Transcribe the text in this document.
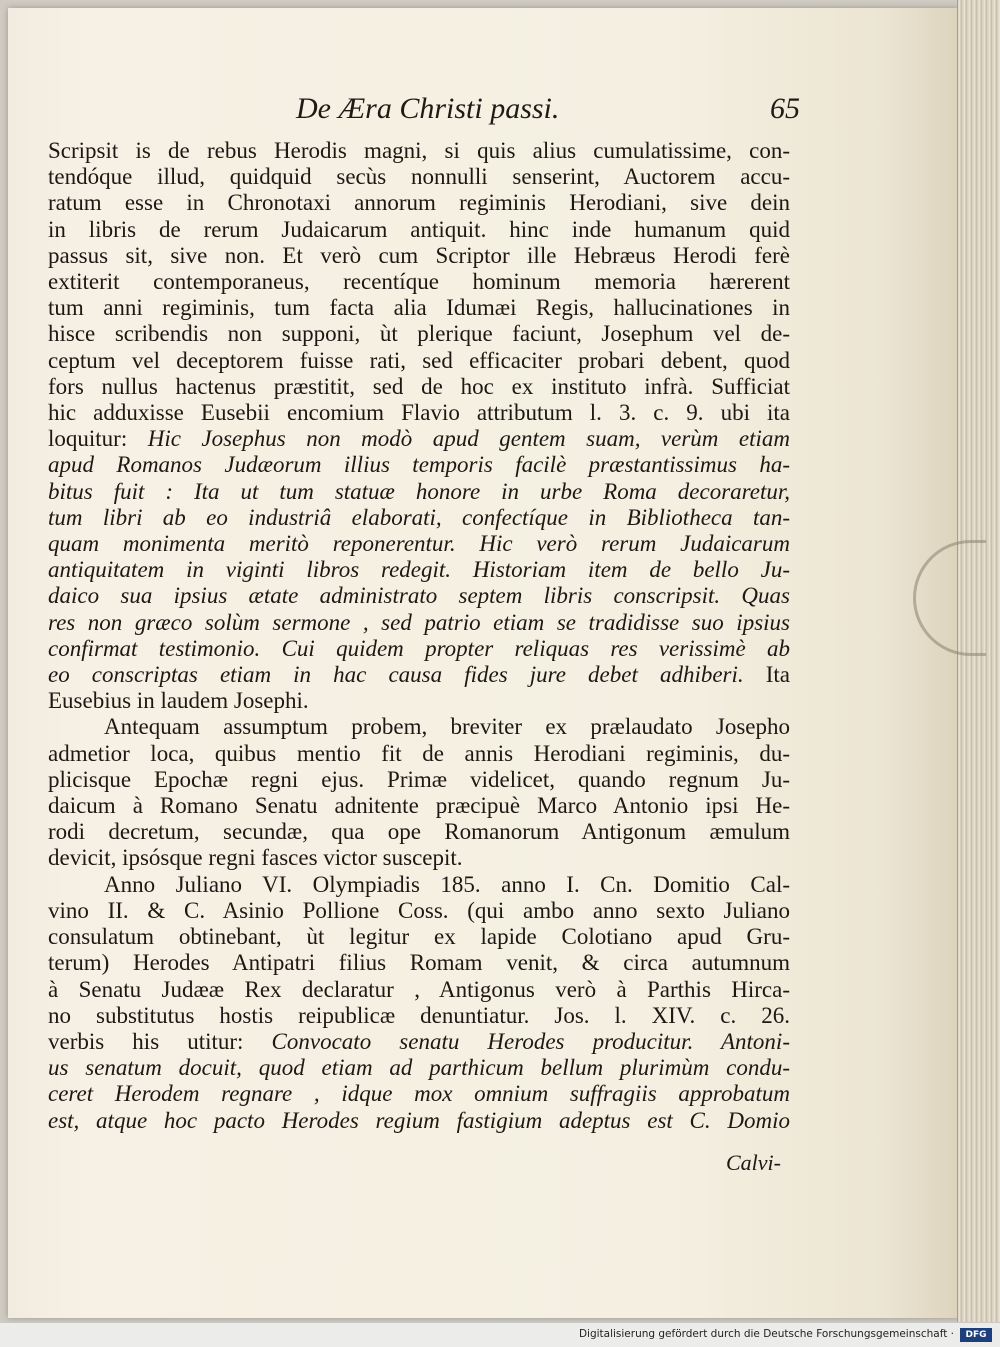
De Æra Christi passi.	65
Scripsit is de rebus Herodis magni, si quis alius cumulatissime, con-
tendóque illud, quidquid secùs nonnulli senserint, Auctorem accu-
ratum esse in Chronotaxi annorum regiminis Herodiani, sive dein
in libris de rerum Judaicarum antiquit. hinc inde humanum quid
passus sit, sive non. Et verò cum Scriptor ille Hebræus Herodi ferè
extiterit contemporaneus, recentíque hominum memoria hærerent
tum anni regiminis, tum facta alia Idumæi Regis, hallucinationes in
hisce scribendis non supponi, ùt plerique faciunt, Josephum vel de-
ceptum vel deceptorem fuisse rati, sed efficaciter probari debent, quod
fors nullus hactenus præstitit, sed de hoc ex instituto infrà. Sufficiat
hic adduxisse Eusebii encomium Flavio attributum l. 3. c. 9. ubi ita
loquitur: Hic Josephus non modò apud gentem suam, verùm etiam
apud Romanos Judæorum illius temporis facilè præstantissimus ha-
bitus fuit : Ita ut tum statuæ honore in urbe Roma decoraretur,
tum libri ab eo industriâ elaborati, confectíque in Bibliotheca tan-
quam monimenta meritò reponerentur. Hic verò rerum Judaicarum
antiquitatem in viginti libros redegit. Historiam item de bello Ju-
daico sua ipsius ætate administrato septem libris conscripsit. Quas
res non græco solùm sermone , sed patrio etiam se tradidisse suo ipsius
confirmat testimonio. Cui quidem propter reliquas res verissimè ab
eo conscriptas etiam in hac causa fides jure debet adhiberi. Ita
Eusebius in laudem Josephi.
Antequam assumptum probem, breviter ex prælaudato Josepho
admetior loca, quibus mentio fit de annis Herodiani regiminis, du-
plicisque Epochæ regni ejus. Primæ videlicet, quando regnum Ju-
daicum à Romano Senatu adnitente præcipuè Marco Antonio ipsi He-
rodi decretum, secundæ, qua ope Romanorum Antigonum æmulum
devicit, ipsósque regni fasces victor suscepit.
Anno Juliano VI. Olympiadis 185. anno I. Cn. Domitio Cal-
vino II. & C. Asinio Pollione Coss. (qui ambo anno sexto Juliano
consulatum obtinebant, ùt legitur ex lapide Colotiano apud Gru-
terum) Herodes Antipatri filius Romam venit, & circa autumnum
à Senatu Judææ Rex declaratur , Antigonus verò à Parthis Hirca-
no substitutus hostis reipublicæ denuntiatur. Jos. l. XIV. c. 26.
verbis his utitur: Convocato senatu Herodes producitur. Antoni-
us senatum docuit, quod etiam ad parthicum bellum plurimùm condu-
ceret Herodem regnare , idque mox omnium suffragiis approbatum
est, atque hoc pacto Herodes regium fastigium adeptus est C. Domio
Calvi-
Digitalisierung gefördert durch die Deutsche Forschungsgemeinschaft ·	DFG
